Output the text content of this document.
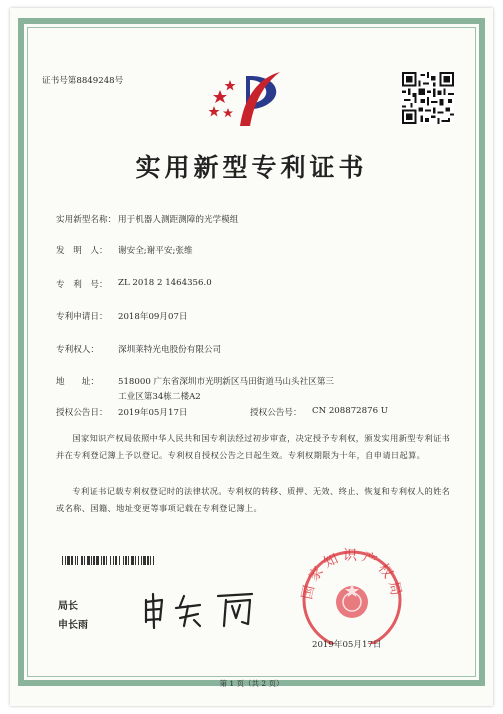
证书号第8849248号
实用新型专利证书
实用新型名称： 用于机器人测距测障的光学模组
发　明　人： 谢安全;谢平安;张维
专　利　号： ZL 2018 2 1464356.0
专利申请日： 2018年09月07日
专利权人： 深圳莱特光电股份有限公司
地　　址： 518000 广东省深圳市光明新区马田街道马山头社区第三
工业区第34栋二楼A2
授权公告日： 2019年05月17日	授权公告号： CN 208872876 U
国家知识产权局依照中华人民共和国专利法经过初步审查，决定授予专利权，颁发实用新型专利证书并在专利登记簿上予以登记。专利权自授权公告之日起生效。专利权期限为十年，自申请日起算。
专利证书记载专利权登记时的法律状况。专利权的转移、质押、无效、终止、恢复和专利权人的姓名或名称、国籍、地址变更等事项记载在专利登记簿上。
局长
申长雨
国家知识产权局
2019年05月17日
第 1 页（共 2 页）
